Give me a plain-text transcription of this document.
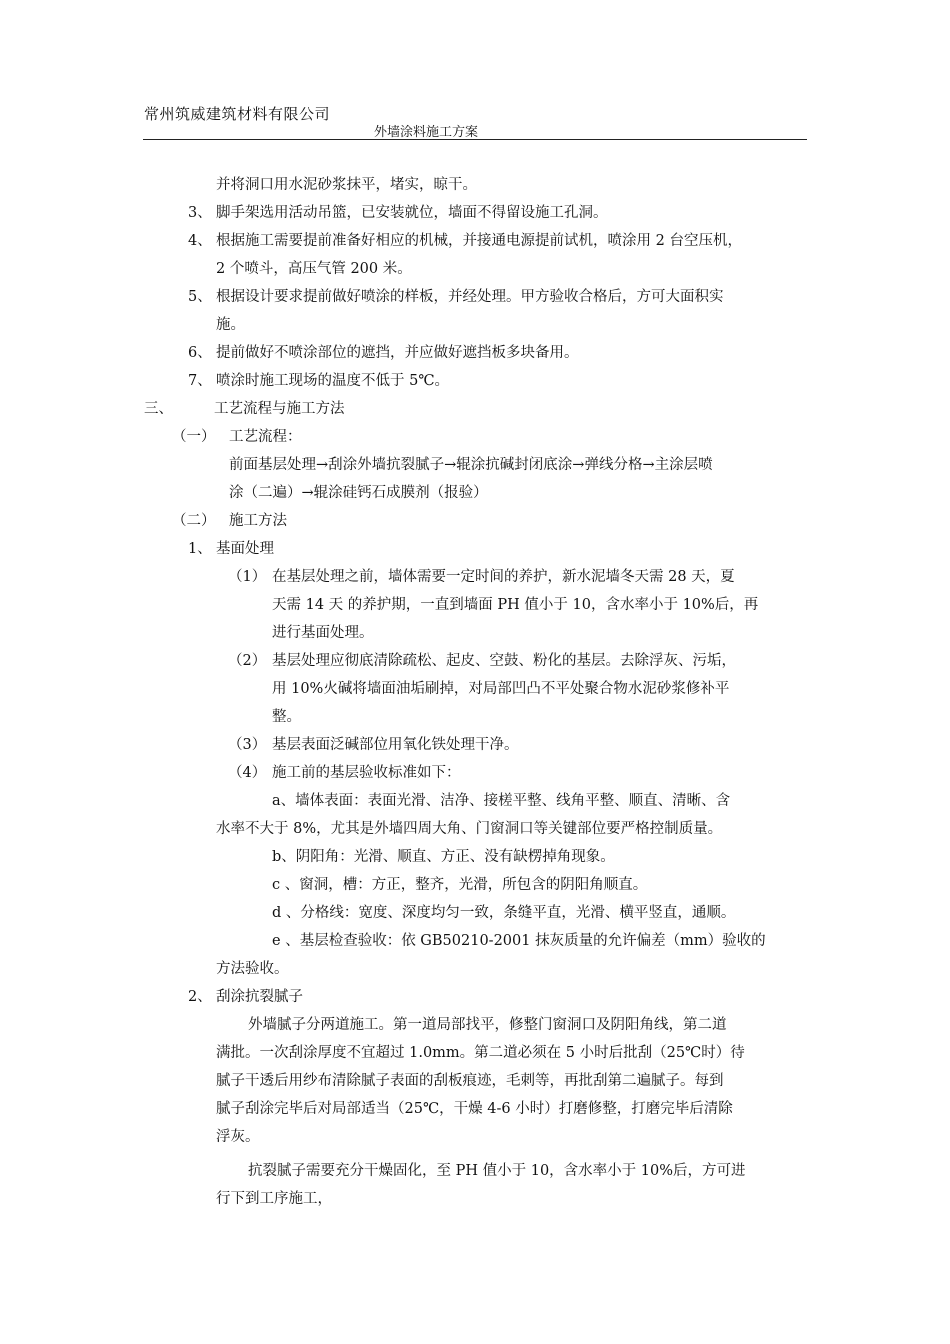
常州筑威建筑材料有限公司
外墙涂料施工方案
并将洞口用水泥砂浆抹平，堵实，晾干。
3、 脚手架选用活动吊篮，已安装就位，墙面不得留设施工孔洞。
4、 根据施工需要提前准备好相应的机械，并接通电源提前试机，喷涂用 2 台空压机，
2 个喷斗，高压气管 200 米。
5、 根据设计要求提前做好喷涂的样板，并经处理。甲方验收合格后，方可大面积实
施。
6、 提前做好不喷涂部位的遮挡，并应做好遮挡板多块备用。
7、 喷涂时施工现场的温度不低于 5℃。
三、	工艺流程与施工方法
（一） 工艺流程：
前面基层处理→刮涂外墙抗裂腻子→辊涂抗碱封闭底涂→弹线分格→主涂层喷
涂（二遍）→辊涂硅钙石成膜剂（报验）
（二） 施工方法
1、 基面处理
（1） 在基层处理之前，墙体需要一定时间的养护，新水泥墙冬天需 28 天，夏
天需 14 天 的养护期，一直到墙面 PH 值小于 10，含水率小于 10%后，再
进行基面处理。
（2） 基层处理应彻底清除疏松、起皮、空鼓、粉化的基层。去除浮灰、污垢，
用 10%火碱将墙面油垢刷掉，对局部凹凸不平处聚合物水泥砂浆修补平
整。
（3） 基层表面泛碱部位用氧化铁处理干净。
（4） 施工前的基层验收标准如下：
a、墙体表面：表面光滑、洁净、接槎平整、线角平整、顺直、清晰、含
水率不大于 8%，尤其是外墙四周大角、门窗洞口等关键部位要严格控制质量。
b、阴阳角：光滑、顺直、方正、没有缺楞掉角现象。
c 、窗洞，槽：方正，整齐，光滑，所包含的阴阳角顺直。
d 、分格线：宽度、深度均匀一致，条缝平直，光滑、横平竖直，通顺。
e 、基层检查验收：依 GB50210-2001 抹灰质量的允许偏差（mm）验收的
方法验收。
2、 刮涂抗裂腻子
外墙腻子分两道施工。第一道局部找平，修整门窗洞口及阴阳角线，第二道
满批。一次刮涂厚度不宜超过 1.0mm。第二道必须在 5 小时后批刮（25℃时）待
腻子干透后用纱布清除腻子表面的刮板痕迹，毛刺等，再批刮第二遍腻子。每到
腻子刮涂完毕后对局部适当（25℃，干燥 4-6 小时）打磨修整，打磨完毕后清除
浮灰。
抗裂腻子需要充分干燥固化，至 PH 值小于 10，含水率小于 10%后，方可进
行下到工序施工，
